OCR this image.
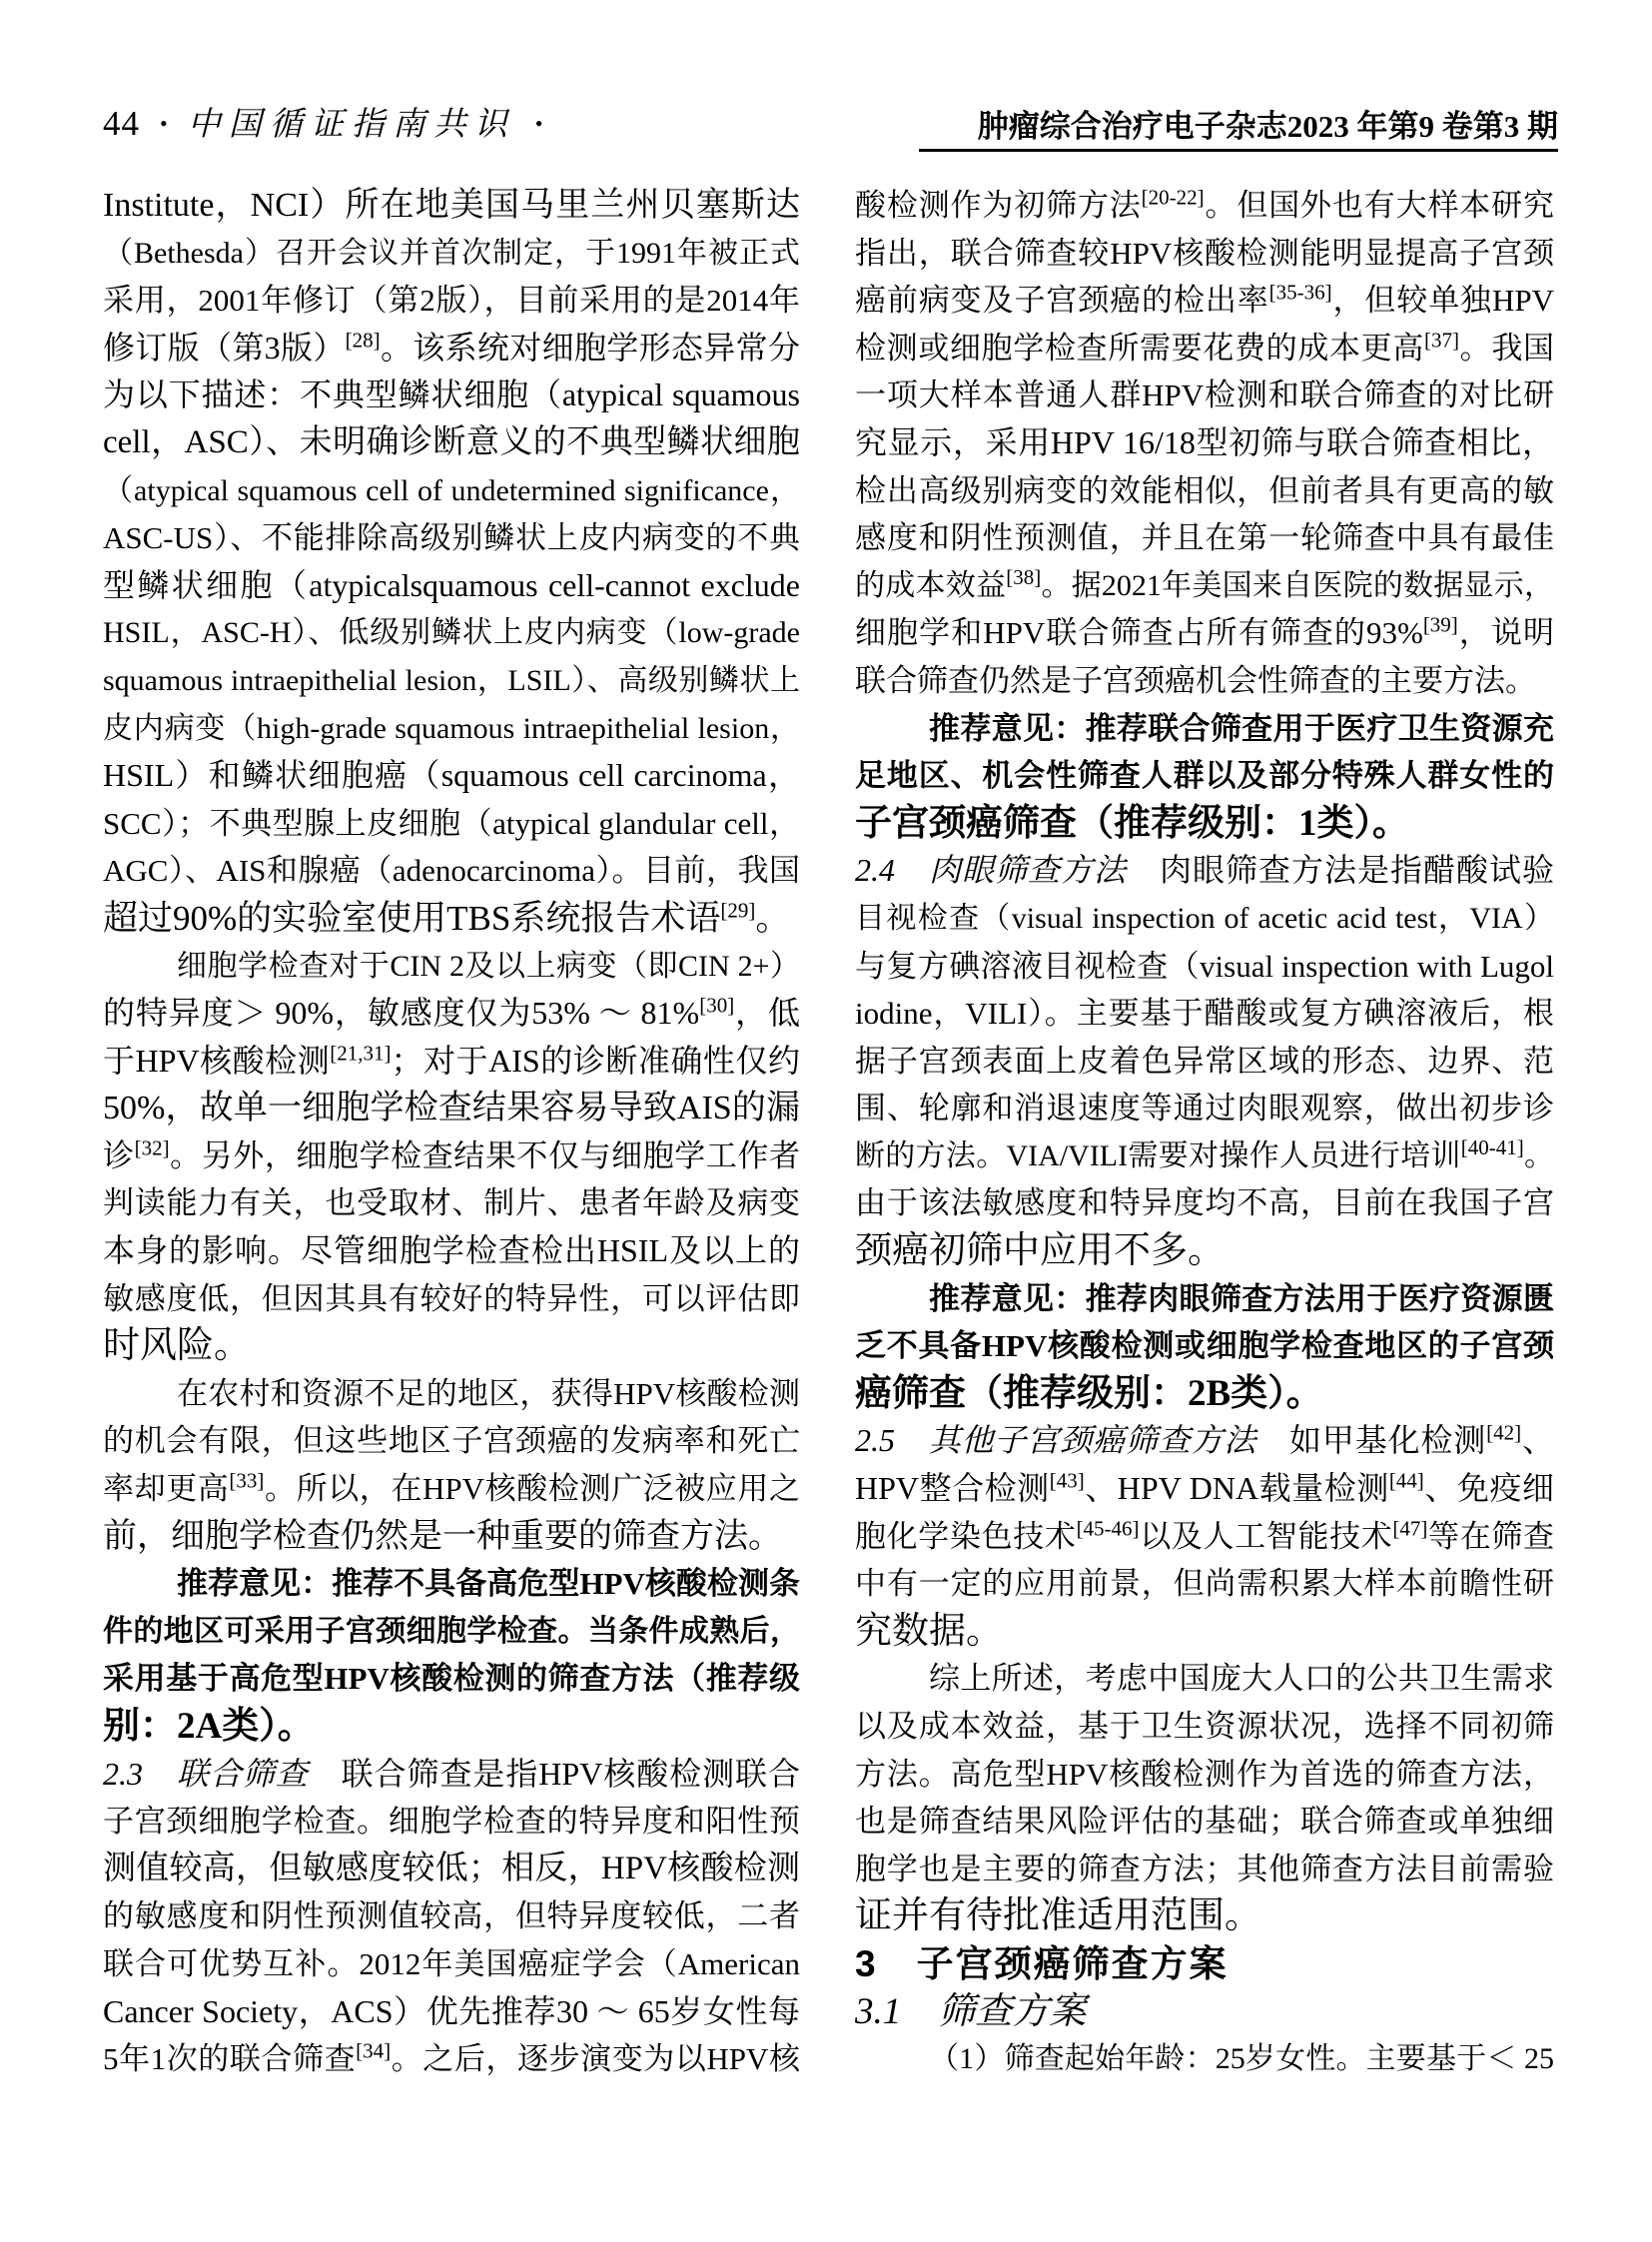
44 • 中国循证指南共识 •	肿瘤综合治疗电子杂志2023 年第9 卷第3 期
Institute，NCI）所在地美国马里兰州贝塞斯达
（Bethesda）召开会议并首次制定，于1991年被正式
采用，2001年修订（第2版），目前采用的是2014年
修订版（第3版）[28]。该系统对细胞学形态异常分
为以下描述：不典型鳞状细胞（atypical squamous
cell，ASC）、未明确诊断意义的不典型鳞状细胞
（atypical squamous cell of undetermined significance，
ASC-US）、不能排除高级别鳞状上皮内病变的不典
型鳞状细胞（atypicalsquamous cell-cannot exclude
HSIL，ASC-H）、低级别鳞状上皮内病变（low-grade
squamous intraepithelial lesion，LSIL）、高级别鳞状上
皮内病变（high-grade squamous intraepithelial lesion，
HSIL）和鳞状细胞癌（squamous cell carcinoma，
SCC）；不典型腺上皮细胞（atypical glandular cell，
AGC）、AIS和腺癌（adenocarcinoma）。目前，我国
超过90%的实验室使用TBS系统报告术语[29]。
细胞学检查对于CIN 2及以上病变（即CIN 2+）
的特异度＞ 90%，敏感度仅为53% ～ 81%[30]，低
于HPV核酸检测[21,31]；对于AIS的诊断准确性仅约
50%，故单一细胞学检查结果容易导致AIS的漏
诊[32]。另外，细胞学检查结果不仅与细胞学工作者
判读能力有关，也受取材、制片、患者年龄及病变
本身的影响。尽管细胞学检查检出HSIL及以上的
敏感度低，但因其具有较好的特异性，可以评估即
时风险。
在农村和资源不足的地区，获得HPV核酸检测
的机会有限，但这些地区子宫颈癌的发病率和死亡
率却更高[33]。所以，在HPV核酸检测广泛被应用之
前，细胞学检查仍然是一种重要的筛查方法。
推荐意见：推荐不具备高危型HPV核酸检测条
件的地区可采用子宫颈细胞学检查。当条件成熟后，
采用基于高危型HPV核酸检测的筛查方法（推荐级
别：2A类）。
2.3　联合筛查　联合筛查是指HPV核酸检测联合
子宫颈细胞学检查。细胞学检查的特异度和阳性预
测值较高，但敏感度较低；相反，HPV核酸检测
的敏感度和阴性预测值较高，但特异度较低，二者
联合可优势互补。2012年美国癌症学会（American
Cancer Society，ACS）优先推荐30 ～ 65岁女性每
5年1次的联合筛查[34]。之后，逐步演变为以HPV核
酸检测作为初筛方法[20-22]。但国外也有大样本研究
指出，联合筛查较HPV核酸检测能明显提高子宫颈
癌前病变及子宫颈癌的检出率[35-36]，但较单独HPV
检测或细胞学检查所需要花费的成本更高[37]。我国
一项大样本普通人群HPV检测和联合筛查的对比研
究显示，采用HPV 16/18型初筛与联合筛查相比，
检出高级别病变的效能相似，但前者具有更高的敏
感度和阴性预测值，并且在第一轮筛查中具有最佳
的成本效益[38]。据2021年美国来自医院的数据显示，
细胞学和HPV联合筛查占所有筛查的93%[39]，说明
联合筛查仍然是子宫颈癌机会性筛查的主要方法。
推荐意见：推荐联合筛查用于医疗卫生资源充
足地区、机会性筛查人群以及部分特殊人群女性的
子宫颈癌筛查（推荐级别：1类）。
2.4　肉眼筛查方法　肉眼筛查方法是指醋酸试验
目视检查（visual inspection of acetic acid test，VIA）
与复方碘溶液目视检查（visual inspection with Lugol
iodine，VILI）。主要基于醋酸或复方碘溶液后，根
据子宫颈表面上皮着色异常区域的形态、边界、范
围、轮廓和消退速度等通过肉眼观察，做出初步诊
断的方法。VIA/VILI需要对操作人员进行培训[40-41]。
由于该法敏感度和特异度均不高，目前在我国子宫
颈癌初筛中应用不多。
推荐意见：推荐肉眼筛查方法用于医疗资源匮
乏不具备HPV核酸检测或细胞学检查地区的子宫颈
癌筛查（推荐级别：2B类）。
2.5　其他子宫颈癌筛查方法　如甲基化检测[42]、
HPV整合检测[43]、HPV DNA载量检测[44]、免疫细
胞化学染色技术[45-46]以及人工智能技术[47]等在筛查
中有一定的应用前景，但尚需积累大样本前瞻性研
究数据。
综上所述，考虑中国庞大人口的公共卫生需求
以及成本效益，基于卫生资源状况，选择不同初筛
方法。高危型HPV核酸检测作为首选的筛查方法，
也是筛查结果风险评估的基础；联合筛查或单独细
胞学也是主要的筛查方法；其他筛查方法目前需验
证并有待批准适用范围。
3　子宫颈癌筛查方案
3.1　筛查方案
（1）筛查起始年龄：25岁女性。主要基于＜ 25
